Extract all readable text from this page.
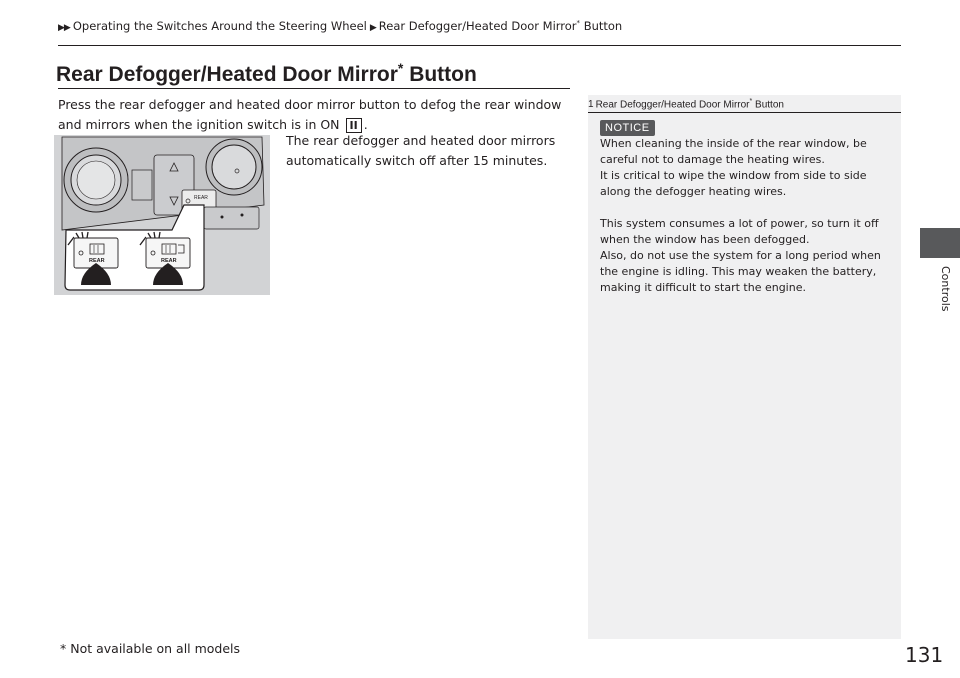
▶▶ Operating the Switches Around the Steering Wheel ▶ Rear Defogger/Heated Door Mirror* Button
Controls
Rear Defogger/Heated Door Mirror* Button
Press the rear defogger and heated door mirror button to defog the rear window and mirrors when the ignition switch is in ON II .
The rear defogger and heated door mirrors automatically switch off after 15 minutes.
REAR
REAR	REAR
1 Rear Defogger/Heated Door Mirror* Button
NOTICE

When cleaning the inside of the rear window, be careful not to damage the heating wires.

It is critical to wipe the window from side to side along the defogger heating wires.

This system consumes a lot of power, so turn it off when the window has been defogged.

Also, do not use the system for a long period when the engine is idling. This may weaken the battery, making it difficult to start the engine.

* Not available on all models	131
